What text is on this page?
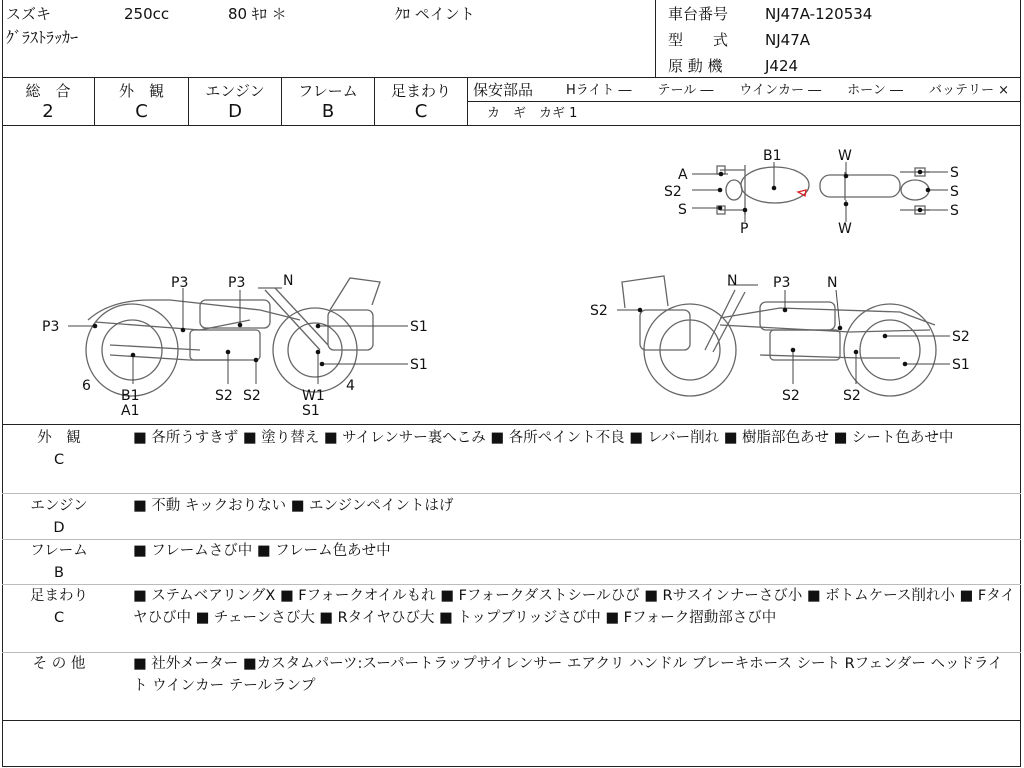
スズキ	250cc	80 ｷﾛ ＊	ｸﾛ ペイント
ｸﾞﾗｽﾄﾗｯｶｰ
車台番号 NJ47A-120534
型　　式 NJ47A
原 動 機	J424
総　合
2
外　観
C
エンジン
D
フレーム
B
足まわり
C
保安部品	Hライト ―　　テール ―　　ウインカー ―　　ホーン ―　　バッテリー ×
カ　ギ　カギ 1
A
S2
S
B1
P
W
W
S
S
S
P3	P3	N
P3	S1
S1
6
B1
A1
S2 S2	W1
S1
4
N	P3	N
S2
S2
S1
S2	S2
外　観
C
■ 各所うすきず ■ 塗り替え ■ サイレンサー裏へこみ ■ 各所ペイント不良 ■ レバー削れ ■ 樹脂部色あせ ■ シート色あせ中
エンジン
D
■ 不動 キックおりない ■ エンジンペイントはげ
フレーム
B
■ フレームさび中 ■ フレーム色あせ中
足まわり
C
■ ステムベアリングX ■ Fフォークオイルもれ ■ Fフォークダストシールひび ■ Rサスインナーさび小 ■ ボトムケース削れ小 ■ Fタイヤひび中 ■ チェーンさび大 ■ Rタイヤひび大 ■ トップブリッジさび中 ■ Fフォーク摺動部さび中
そ の 他	■ 社外メーター ■カスタムパーツ:スーパートラップサイレンサー エアクリ ハンドル ブレーキホース シート Rフェンダー ヘッドライト ウインカー テールランプ
